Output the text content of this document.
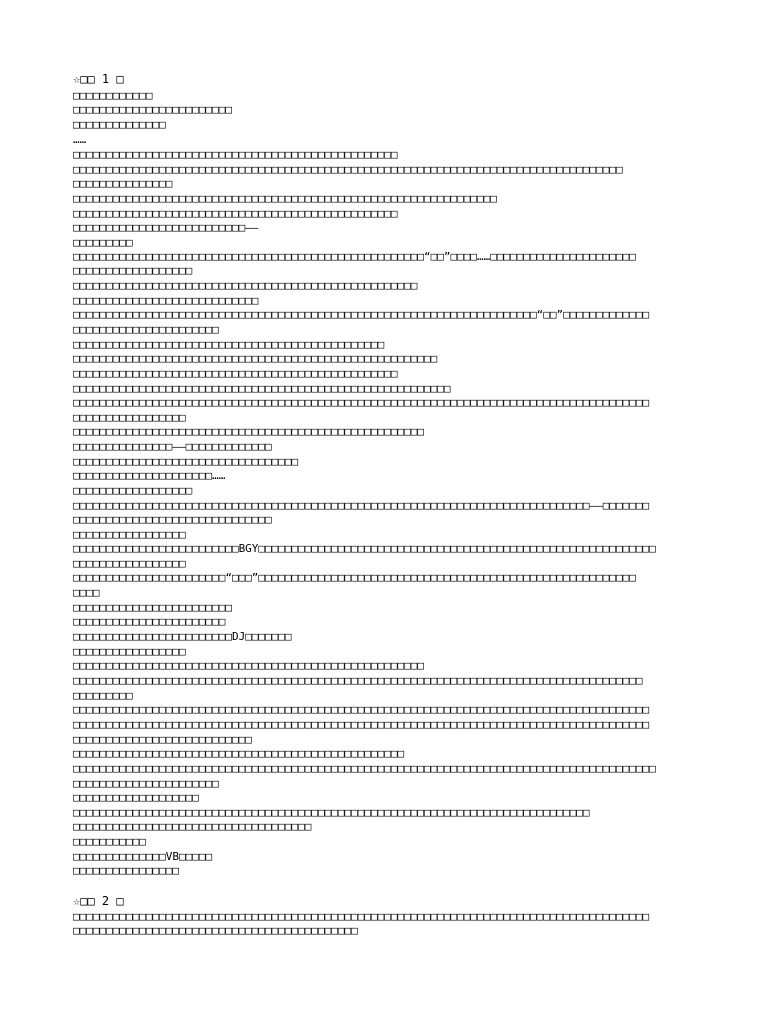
☆□□ 1 □
□□□□□□□□□□□□
□□□□□□□□□□□□□□□□□□□□□□□□
□□□□□□□□□□□□□□
……
□□□□□□□□□□□□□□□□□□□□□□□□□□□□□□□□□□□□□□□□□□□□□□□□□
□□□□□□□□□□□□□□□□□□□□□□□□□□□□□□□□□□□□□□□□□□□□□□□□□□□□□□□□□□□□□□□□□□□□□□□□□□□□□□□□□□□
□□□□□□□□□□□□□□□
□□□□□□□□□□□□□□□□□□□□□□□□□□□□□□□□□□□□□□□□□□□□□□□□□□□□□□□□□□□□□□□□
□□□□□□□□□□□□□□□□□□□□□□□□□□□□□□□□□□□□□□□□□□□□□□□□□
□□□□□□□□□□□□□□□□□□□□□□□□□□——
□□□□□□□□□
□□□□□□□□□□□□□□□□□□□□□□□□□□□□□□□□□□□□□□□□□□□□□□□□□□□□□“□□”□□□□……□□□□□□□□□□□□□□□□□□□□□□
□□□□□□□□□□□□□□□□□□
□□□□□□□□□□□□□□□□□□□□□□□□□□□□□□□□□□□□□□□□□□□□□□□□□□□□
□□□□□□□□□□□□□□□□□□□□□□□□□□□□
□□□□□□□□□□□□□□□□□□□□□□□□□□□□□□□□□□□□□□□□□□□□□□□□□□□□□□□□□□□□□□□□□□□□□□“□□”□□□□□□□□□□□□□
□□□□□□□□□□□□□□□□□□□□□□
□□□□□□□□□□□□□□□□□□□□□□□□□□□□□□□□□□□□□□□□□□□□□□□
□□□□□□□□□□□□□□□□□□□□□□□□□□□□□□□□□□□□□□□□□□□□□□□□□□□□□□□
□□□□□□□□□□□□□□□□□□□□□□□□□□□□□□□□□□□□□□□□□□□□□□□□□
□□□□□□□□□□□□□□□□□□□□□□□□□□□□□□□□□□□□□□□□□□□□□□□□□□□□□□□□□
□□□□□□□□□□□□□□□□□□□□□□□□□□□□□□□□□□□□□□□□□□□□□□□□□□□□□□□□□□□□□□□□□□□□□□□□□□□□□□□□□□□□□□□
□□□□□□□□□□□□□□□□□
□□□□□□□□□□□□□□□□□□□□□□□□□□□□□□□□□□□□□□□□□□□□□□□□□□□□□
□□□□□□□□□□□□□□□——□□□□□□□□□□□□□
□□□□□□□□□□□□□□□□□□□□□□□□□□□□□□□□□□
□□□□□□□□□□□□□□□□□□□□□……
□□□□□□□□□□□□□□□□□□
□□□□□□□□□□□□□□□□□□□□□□□□□□□□□□□□□□□□□□□□□□□□□□□□□□□□□□□□□□□□□□□□□□□□□□□□□□□□□□——□□□□□□□
□□□□□□□□□□□□□□□□□□□□□□□□□□□□□□
□□□□□□□□□□□□□□□□□
□□□□□□□□□□□□□□□□□□□□□□□□□BGY□□□□□□□□□□□□□□□□□□□□□□□□□□□□□□□□□□□□□□□□□□□□□□□□□□□□□□□□□□□□
□□□□□□□□□□□□□□□□□
□□□□□□□□□□□□□□□□□□□□□□□“□□□”□□□□□□□□□□□□□□□□□□□□□□□□□□□□□□□□□□□□□□□□□□□□□□□□□□□□□□□□□
□□□□
□□□□□□□□□□□□□□□□□□□□□□□□
□□□□□□□□□□□□□□□□□□□□□□□
□□□□□□□□□□□□□□□□□□□□□□□□DJ□□□□□□□
□□□□□□□□□□□□□□□□□
□□□□□□□□□□□□□□□□□□□□□□□□□□□□□□□□□□□□□□□□□□□□□□□□□□□□□
□□□□□□□□□□□□□□□□□□□□□□□□□□□□□□□□□□□□□□□□□□□□□□□□□□□□□□□□□□□□□□□□□□□□□□□□□□□□□□□□□□□□□□
□□□□□□□□□
□□□□□□□□□□□□□□□□□□□□□□□□□□□□□□□□□□□□□□□□□□□□□□□□□□□□□□□□□□□□□□□□□□□□□□□□□□□□□□□□□□□□□□□
□□□□□□□□□□□□□□□□□□□□□□□□□□□□□□□□□□□□□□□□□□□□□□□□□□□□□□□□□□□□□□□□□□□□□□□□□□□□□□□□□□□□□□□
□□□□□□□□□□□□□□□□□□□□□□□□□□□
□□□□□□□□□□□□□□□□□□□□□□□□□□□□□□□□□□□□□□□□□□□□□□□□□□
□□□□□□□□□□□□□□□□□□□□□□□□□□□□□□□□□□□□□□□□□□□□□□□□□□□□□□□□□□□□□□□□□□□□□□□□□□□□□□□□□□□□□□□□
□□□□□□□□□□□□□□□□□□□□□□
□□□□□□□□□□□□□□□□□□□
□□□□□□□□□□□□□□□□□□□□□□□□□□□□□□□□□□□□□□□□□□□□□□□□□□□□□□□□□□□□□□□□□□□□□□□□□□□□□□
□□□□□□□□□□□□□□□□□□□□□□□□□□□□□□□□□□□□
□□□□□□□□□□□
□□□□□□□□□□□□□□VB□□□□□
□□□□□□□□□□□□□□□□
☆□□ 2 □
□□□□□□□□□□□□□□□□□□□□□□□□□□□□□□□□□□□□□□□□□□□□□□□□□□□□□□□□□□□□□□□□□□□□□□□□□□□□□□□□□□□□□□□
□□□□□□□□□□□□□□□□□□□□□□□□□□□□□□□□□□□□□□□□□□□
